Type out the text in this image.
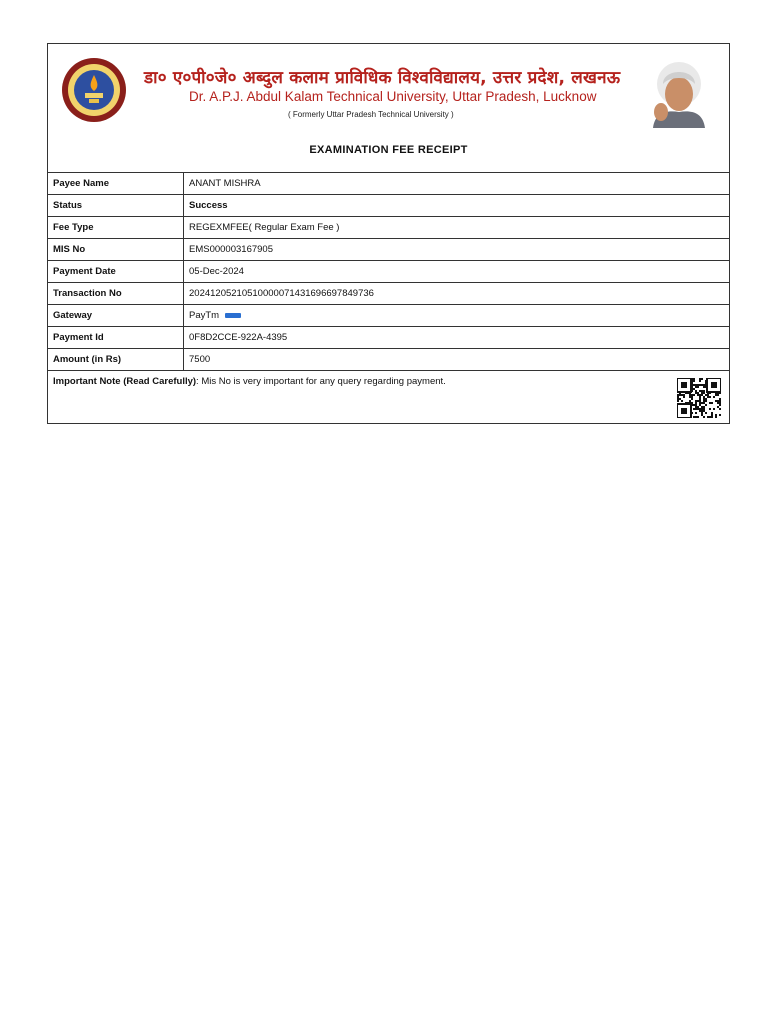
डा० ए०पी०जे० अब्दुल कलाम प्राविधिक विश्वविद्यालय, उत्तर प्रदेश, लखनऊ
Dr. A.P.J. Abdul Kalam Technical University, Uttar Pradesh, Lucknow
( Formerly Uttar Pradesh Technical University )
EXAMINATION FEE RECEIPT
Payee Name	ANANT MISHRA
Status	Success
Fee Type	REGEXMFEE( Regular Exam Fee )
MIS No	EMS000003167905
Payment Date	05-Dec-2024
Transaction No	20241205210510000071431696697849736
Gateway	PayTm
Payment Id	0F8D2CCE-922A-4395
Amount (in Rs)	7500
Important Note (Read Carefully): Mis No is very important for any query regarding payment.
